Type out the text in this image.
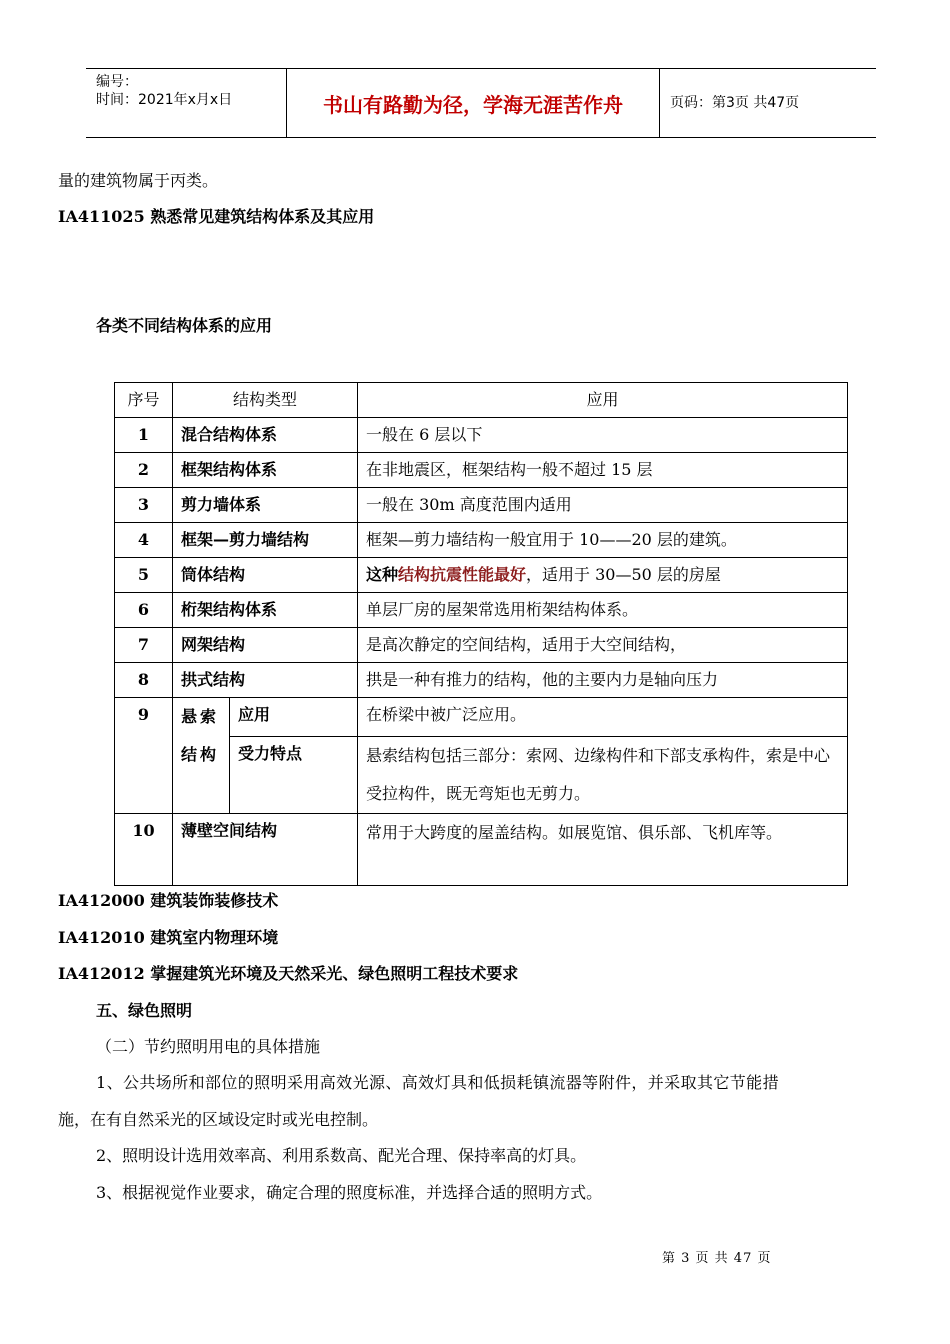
编号：
时间：2021年x月x日	书山有路勤为径，学海无涯苦作舟	页码：第3页 共47页
量的建筑物属于丙类。
IA411025 熟悉常见建筑结构体系及其应用
各类不同结构体系的应用
序号	结构类型		应用
1	混合结构体系		一般在 6 层以下
2	框架结构体系		在非地震区，框架结构一般不超过 15 层
3	剪力墙体系		一般在 30m 高度范围内适用
4	框架—剪力墙结构		框架—剪力墙结构一般宜用于 10——20 层的建筑。
5	筒体结构		这种结构抗震性能最好，适用于 30—50 层的房屋
6	桁架结构体系		单层厂房的屋架常选用桁架结构体系。
7	网架结构		是高次静定的空间结构，适用于大空间结构，
8	拱式结构		拱是一种有推力的结构，他的主要内力是轴向压力
9	悬索结构	应用	在桥梁中被广泛应用。
		受力特点	悬索结构包括三部分：索网、边缘构件和下部支承构件，索是中心受拉构件，既无弯矩也无剪力。
10	薄壁空间结构		常用于大跨度的屋盖结构。如展览馆、俱乐部、飞机库等。
IA412000 建筑装饰装修技术
IA412010 建筑室内物理环境
IA412012 掌握建筑光环境及天然采光、绿色照明工程技术要求
五、绿色照明
（二）节约照明用电的具体措施
1、公共场所和部位的照明采用高效光源、高效灯具和低损耗镇流器等附件，并采取其它节能措
施，在有自然采光的区域设定时或光电控制。
2、照明设计选用效率高、利用系数高、配光合理、保持率高的灯具。
3、根据视觉作业要求，确定合理的照度标准，并选择合适的照明方式。
第 3 页 共 47 页
